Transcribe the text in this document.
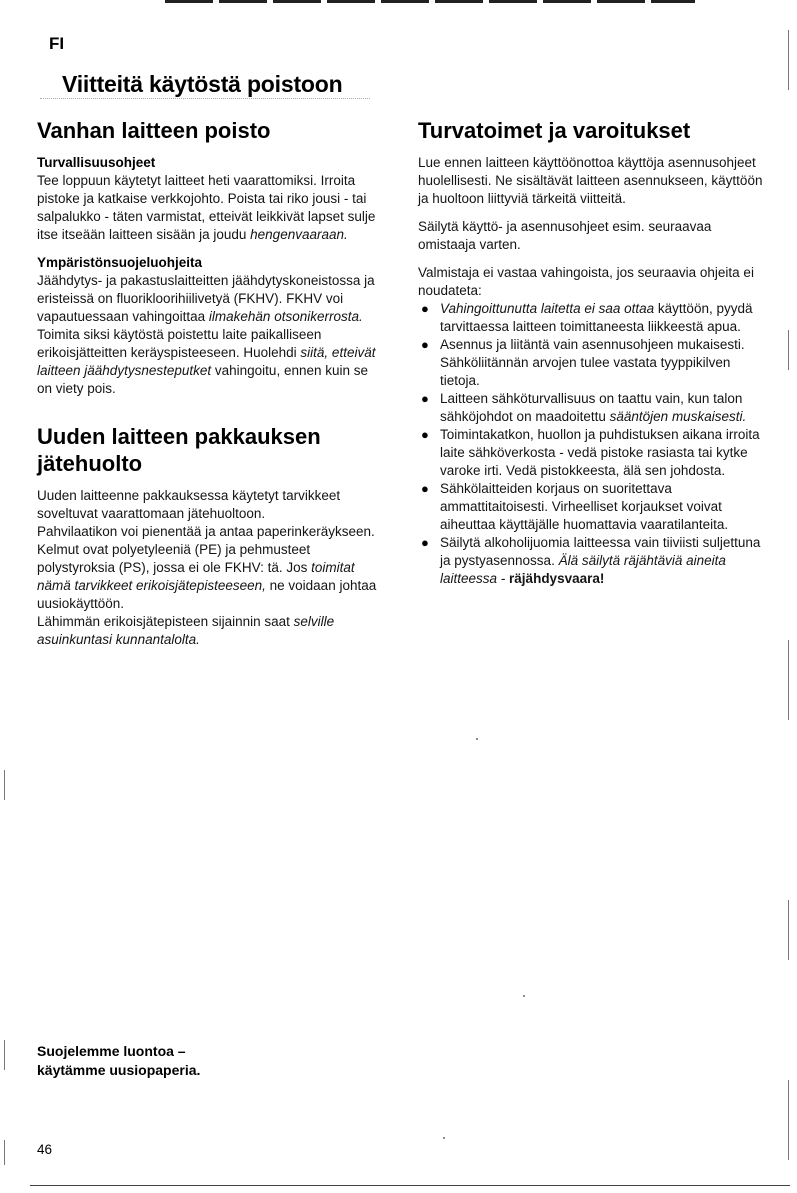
FI
Viitteitä käytöstä poistoon
Vanhan laitteen poisto
Turvallisuusohjeet

Tee loppuun käytetyt laitteet heti vaarattomiksi. Irroita pistoke ja katkaise verkkojohto. Poista tai riko jousi - tai salpalukko - täten varmistat, etteivät leikkivät lapset sulje itse itseään laitteen sisään ja joudu hengenvaaraan.

Ympäristönsuojeluohjeita

Jäähdytys- ja pakastuslaitteitten jäähdytyskoneistossa ja eristeissä on fluorikloorihiilivetyä (FKHV). FKHV voi vapautuessaan vahingoittaa ilmakehän otsonikerrosta.

Toimita siksi käytöstä poistettu laite paikalliseen erikoisjätteitten keräyspisteeseen. Huolehdi siitä, etteivät laitteen jäähdytysnesteputket vahingoitu, ennen kuin se on viety pois.

Uuden laitteen pakkauksen jätehuolto

Uuden laitteenne pakkauksessa käytetyt tarvikkeet soveltuvat vaarattomaan jätehuoltoon.

Pahvilaatikon voi pienentää ja antaa paperinkeräykseen.

Kelmut ovat polyetyleeniä (PE) ja pehmusteet polystyroksia (PS), jossa ei ole FKHV: tä. Jos toimitat nämä tarvikkeet erikoisjätepisteeseen, ne voidaan johtaa uusiokäyttöön.

Lähimmän erikoisjätepisteen sijainnin saat selville asuinkuntasi kunnantalolta.

Turvatoimet ja varoitukset

Lue ennen laitteen käyttöönottoa käyttöja asennusohjeet huolellisesti. Ne sisältävät laitteen asennukseen, käyttöön ja huoltoon liittyviä tärkeitä viitteitä.

Säilytä käyttö- ja asennusohjeet esim. seuraavaa omistaaja varten.

Valmistaja ei vastaa vahingoista, jos seuraavia ohjeita ei noudateta:

● Vahingoittunutta laitetta ei saa ottaa käyttöön, pyydä tarvittaessa laitteen toimittaneesta liikkeestä apua.
● Asennus ja liitäntä vain asennusohjeen mukaisesti. Sähköliitännän arvojen tulee vastata tyyppikilven tietoja.
● Laitteen sähköturvallisuus on taattu vain, kun talon sähköjohdot on maadoitettu sääntöjen muskaisesti.
● Toimintakatkon, huollon ja puhdistuksen aikana irroita laite sähköverkosta - vedä pistoke rasiasta tai kytke varoke irti. Vedä pistokkeesta, älä sen johdosta.
● Sähkölaitteiden korjaus on suoritettava ammattitaitoisesti. Virheelliset korjaukset voivat aiheuttaa käyttäjälle huomattavia vaaratilanteita.
● Säilytä alkoholijuomia laitteessa vain tiiviisti suljettuna ja pystyasennossa. Älä säilytä räjähtäviä aineita laitteessa - räjähdysvaara!
Suojelemme luontoa –
käytämme uusiopaperia.
46
